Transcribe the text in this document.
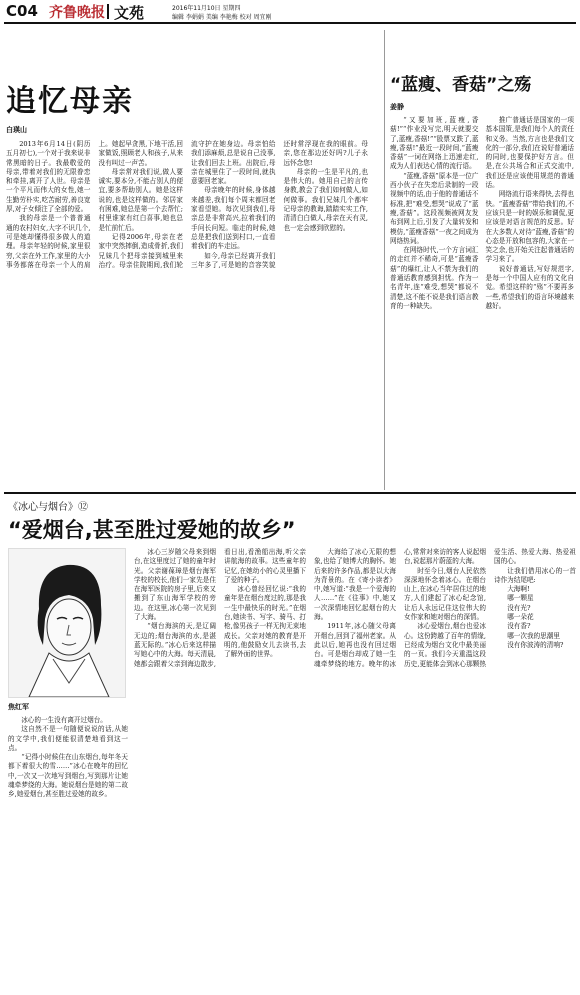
C04 齐鲁晚报 文苑	2016年11月10日 星期四
编辑 李娟娟 美编 李艳梅 校对 周宜刚
追忆母亲
白瑛山

2013年6月14日(阴历五月初七),一个对于我来说非常黑暗的日子。我最敬爱的母亲,带着对我们的无限眷恋和牵挂,离开了人世。母亲是一个平凡而伟大的女性,她一生勤劳朴实,吃苦耐劳,善良宽厚,对子女倾注了全部的爱。

我的母亲是一个普普通通的农村妇女,大字不识几个,可是她却懂得很多做人的道理。母亲年轻的时候,家里很穷,父亲在外工作,家里的大小事务都落在母亲一个人的肩上。她起早贪黑,下地干活,回家做饭,照顾老人和孩子,从来没有叫过一声苦。

母亲常对我们说,做人要诚实,要本分,不能占别人的便宜,要多帮助别人。她是这样说的,也是这样做的。邻居家有困难,她总是第一个去帮忙;村里谁家有红白喜事,她也总是忙前忙后。

记得2006年,母亲在老家中突然摔倒,造成骨折,我们兄妹几个把母亲接到城里来治疗。母亲住院期间,我们轮流守护在她身边。母亲怕给我们添麻烦,总是说自己没事,让我们回去上班。出院后,母亲在城里住了一段时间,就执意要回老家。

母亲晚年的时候,身体越来越差,我们每个周末都回老家看望她。每次见到我们,母亲总是非常高兴,拉着我们的手问长问短。临走的时候,她总是把我们送到村口,一直看着我们的车走远。

如今,母亲已经离开我们三年多了,可是她的音容笑貌还时常浮现在我的眼前。母亲,您在那边还好吗?儿子永远怀念您!

母亲的一生是平凡的,也是伟大的。她用自己的言传身教,教会了我们如何做人,如何做事。我们兄妹几个都牢记母亲的教诲,踏踏实实工作,清清白白做人,母亲在天有灵,也一定会感到欣慰的。

“蓝瘦、香菇”之殇
姜静

“又要加班,蓝瘦,香菇!”“作业没写完,明天就要交了,蓝瘦,香菇!”“股票又跌了,蓝瘦,香菇!”最近一段时间,“蓝瘦香菇”一词在网络上迅速走红,成为人们表达心情的流行语。

“蓝瘦,香菇”原本是一位广西小伙子在失恋后录制的一段视频中的话,由于他的普通话不标准,把“难受,想哭”说成了“蓝瘦,香菇”。这段视频被网友发布到网上后,引发了大量转发和模仿,“蓝瘦香菇”一夜之间成为网络热词。

在网络时代,一个方言词汇的走红并不稀奇,可是“蓝瘦香菇”的爆红,让人不禁为我们的普通话教育感到担忧。作为一名青年,连“难受,想哭”都说不清楚,这不能不说是我们语言教育的一种缺失。

推广普通话是国家的一项基本国策,是我们每个人的责任和义务。当然,方言也是我们文化的一部分,我们在说好普通话的同时,也要保护好方言。但是,在公共场合和正式交流中,我们还是应该使用规范的普通话。

网络流行语来得快,去得也快。“蓝瘦香菇”带给我们的,不应该只是一时的娱乐和调侃,更应该是对语言规范的反思。好在大多数人对待“蓝瘦,香菇”的心态是开放和包容的,大家在一笑之余,也开始关注起普通话的学习来了。

说好普通话,写好规范字,是每一个中国人应有的文化自觉。希望这样的“殇”不要再多一些,希望我们的语言环境越来越好。

《冰心与烟台》⑫
“爱烟台,甚至胜过爱她的故乡”
焦红军

冰心的一生没有离开过烟台。

这自然不是一句随便说说的话,从她的文学中,我们便能很清楚地看到这一点。

“记得小时候住在山东烟台,每年冬天都下着很大的雪……”冰心在晚年的回忆中,一次又一次地写到烟台,写到那片让她魂牵梦绕的大海。她说烟台是她的第二故乡,她爱烟台,甚至胜过爱她的故乡。

冰心三岁随父母来到烟台,在这里度过了她的童年时光。父亲谢葆璋是烟台海军学校的校长,他们一家先是住在海军医院的房子里,后来又搬到了东山海军学校的旁边。在这里,冰心第一次见到了大海。

“烟台海滨的天,是辽阔无边的;烟台海滨的水,是湛蓝无际的。”冰心后来这样描写她心中的大海。每天清晨,她都会跟着父亲到海边散步,看日出,看渔船出海,听父亲讲航海的故事。这些童年的记忆,在她幼小的心灵里播下了爱的种子。

冰心曾经回忆说:“我的童年是在烟台度过的,那是我一生中最快乐的时光。”在烟台,她读书、写字、骑马、打枪,像男孩子一样无拘无束地成长。父亲对她的教育是开明的,他鼓励女儿去读书,去了解外面的世界。

大海给了冰心无限的想象,也给了她博大的胸怀。她后来的许多作品,都是以大海为背景的。在《寄小读者》中,她写道:“我是一个爱海的人……”在《往事》中,她又一次深情地回忆起烟台的大海。

1911年,冰心随父母离开烟台,回到了福州老家。从此以后,她再也没有回过烟台。可是烟台却成了她一生魂牵梦绕的地方。晚年的冰心,常常对来访的客人说起烟台,说起那片蔚蓝的大海。

时至今日,烟台人民依然深深地怀念着冰心。在烟台山上,在冰心当年居住过的地方,人们建起了冰心纪念馆,让后人永远记住这位伟大的女作家和她对烟台的深情。

冰心爱烟台,烟台也爱冰心。这份跨越了百年的情缘,已经成为烟台文化中最美丽的一页。我们今天重温这段历史,更能体会到冰心那颗热爱生活、热爱大海、热爱祖国的心。

让我们借用冰心的一首诗作为结尾吧:

大海啊!

哪一颗星

没有光?

哪一朵花

没有香?

哪一次我的思潮里

没有你波涛的清响?
